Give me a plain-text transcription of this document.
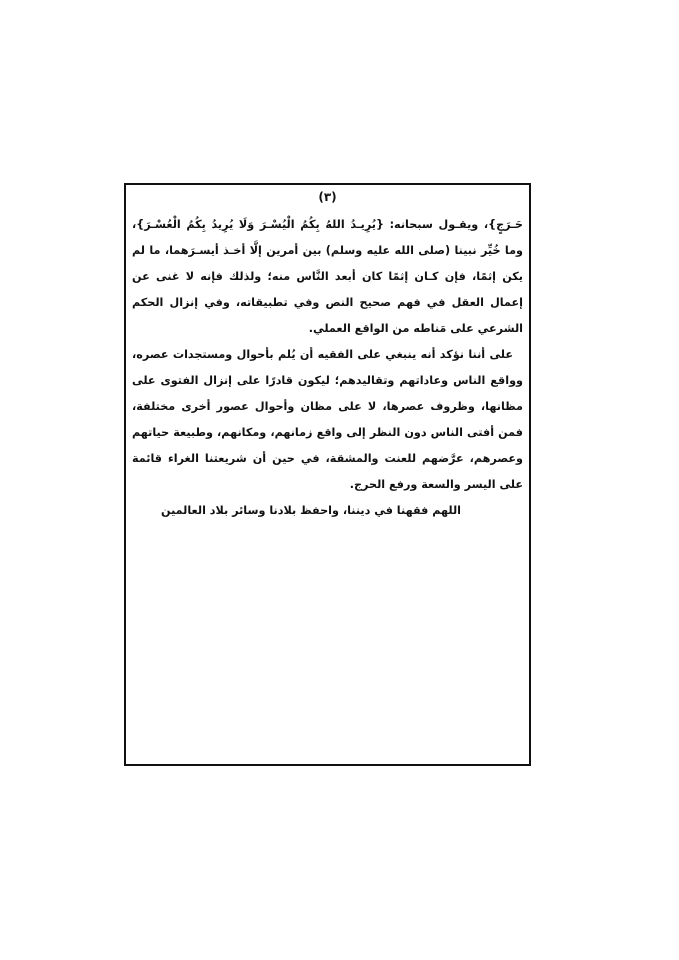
(٣)

حَـرَجٍ}، ويقـول سبحانه: {يُرِيـدُ اللهُ بِكُمُ الْيُسْـرَ وَلَا يُرِيدُ بِكُمُ الْعُسْـرَ}، وما خُيِّر نبينا (صلى الله عليه وسلم) بين أمرين إلَّا أخـذ أيسـرَهما، ما لم يكن إثمًا، فإن كـان إثمًا كان أبعد النَّاس منه؛ ولذلك فإنه لا غنى عن إعمال العقل في فهم صحيح النص وفي تطبيقاته، وفي إنزال الحكم الشرعي على مَناطه من الواقع العملي.

على أننا نؤكد أنه ينبغي على الفقيه أن يُلم بأحوال ومستجدات عصره، وواقع الناس وعاداتهم وتقاليدهم؛ ليكون قادرًا على إنزال الفتوى على مظانها، وظروف عصرها، لا على مظان وأحوال عصور أخرى مختلفة، فمن أفتى الناس دون النظر إلى واقع زمانهم، ومكانهم، وطبيعة حياتهم وعصرهم، عرَّضهم للعنت والمشقة، في حين أن شريعتنا الغراء قائمة على اليسر والسعة ورفع الحرج.

اللهم فقهنا في ديننا، واحفظ بلادنا وسائر بلاد العالمين
